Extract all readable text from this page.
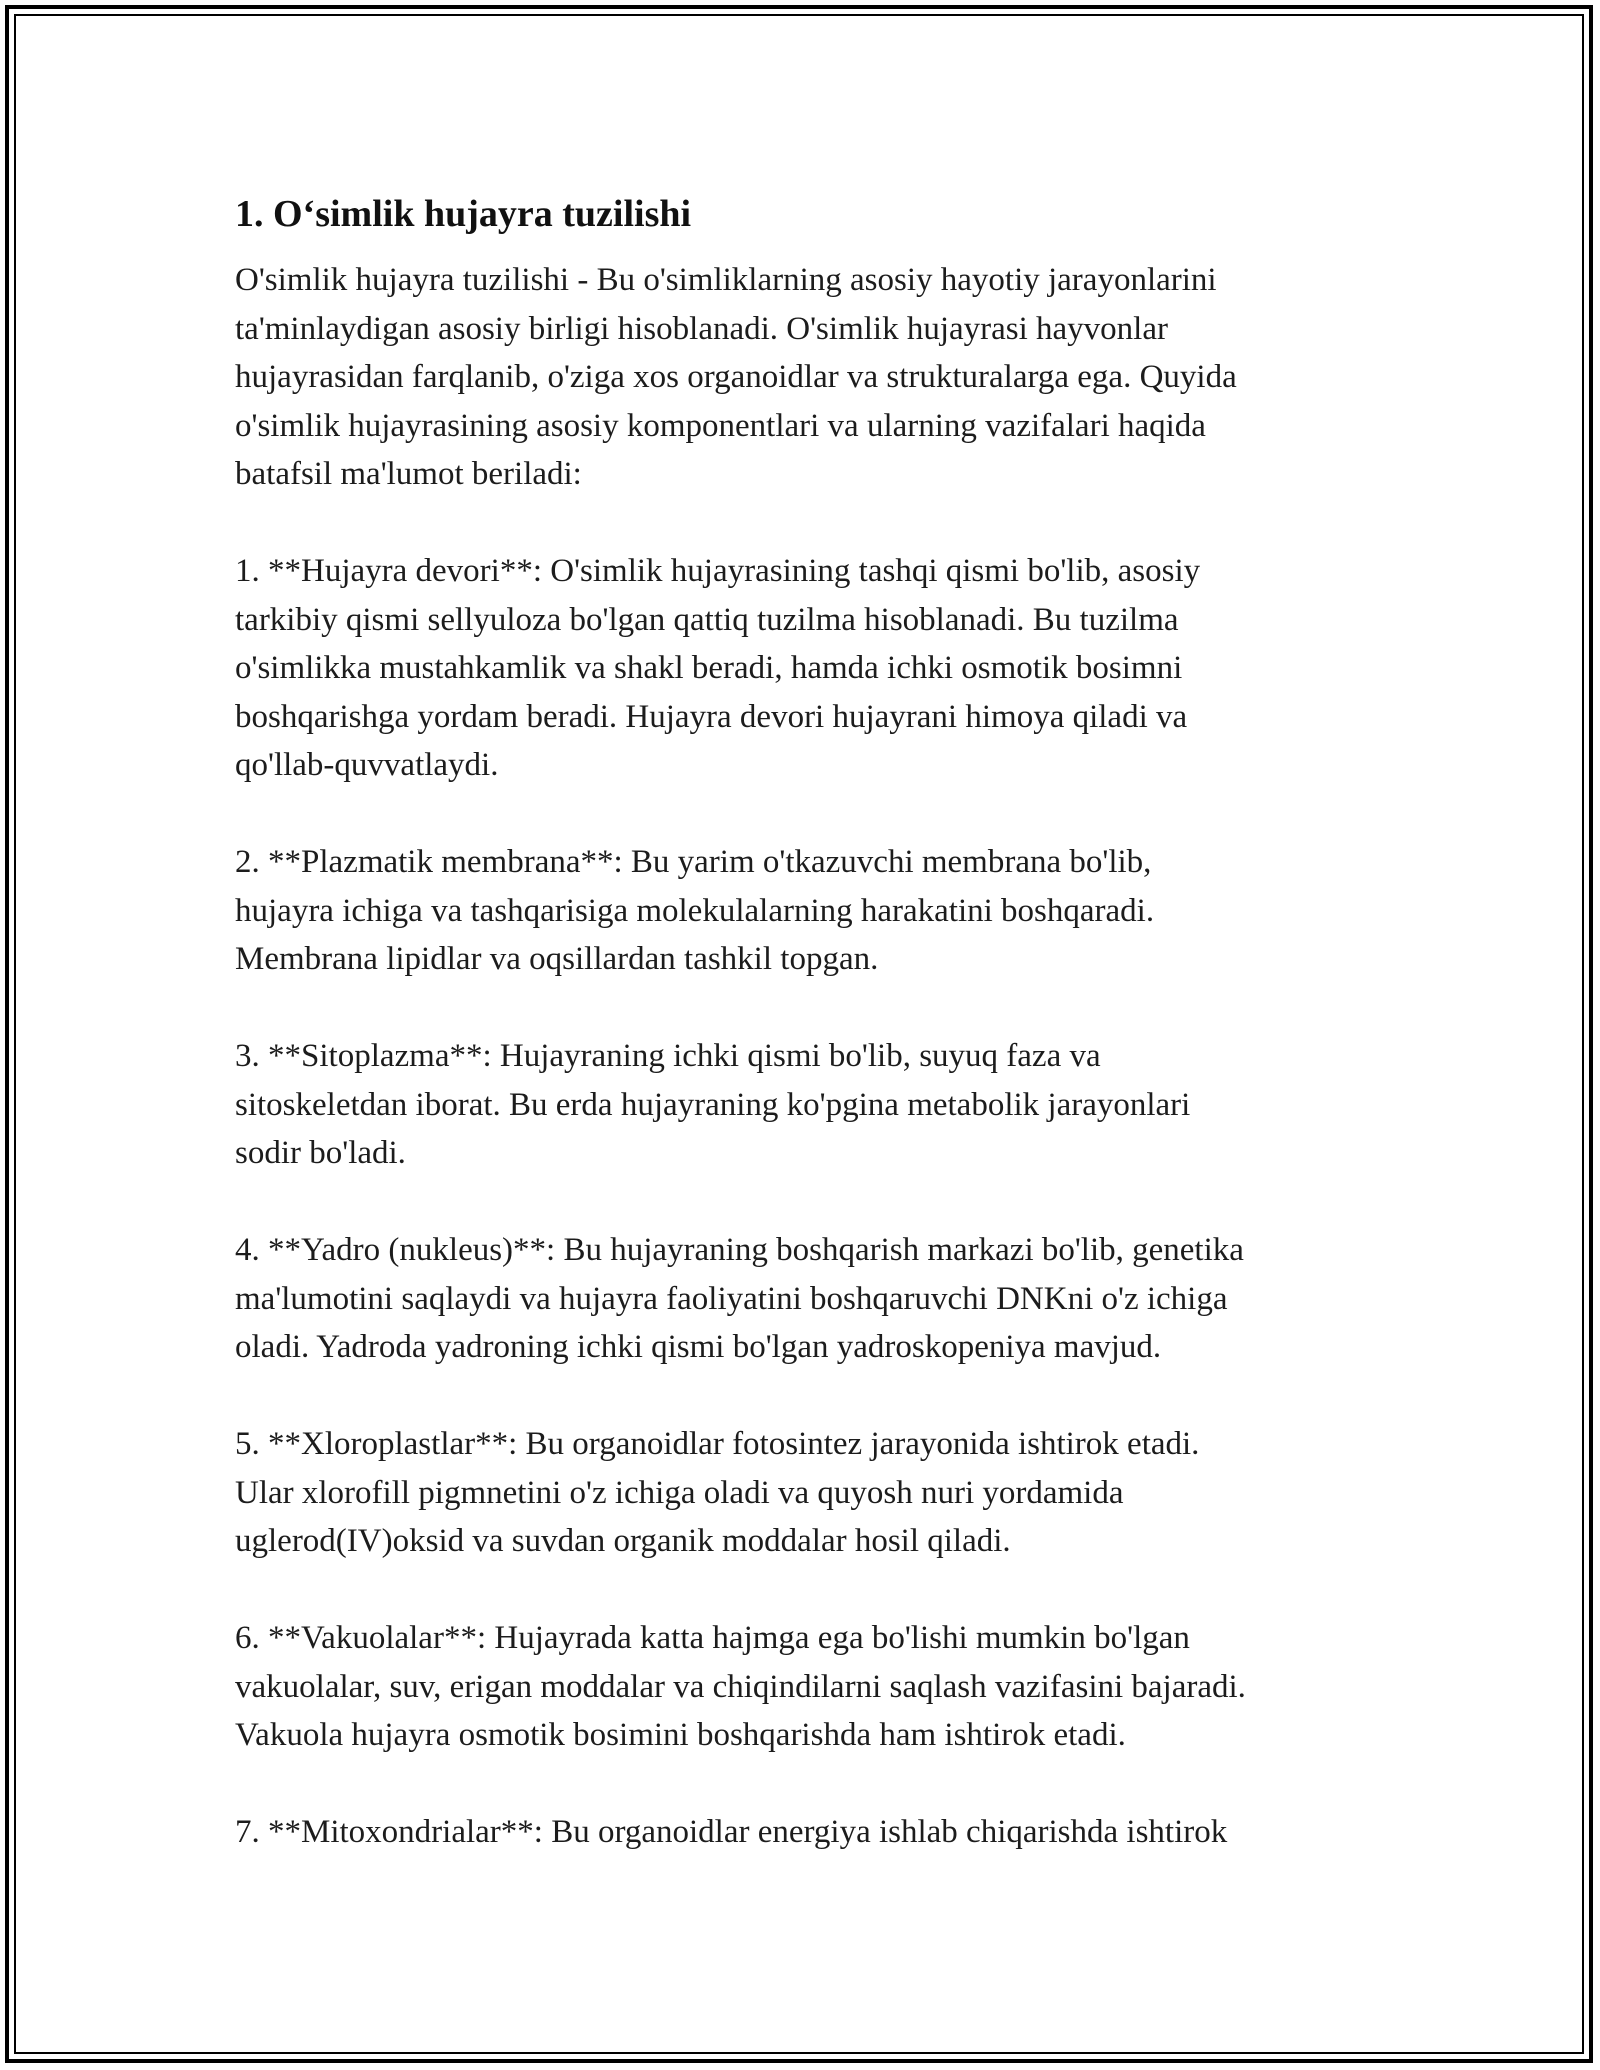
1. O‘simlik hujayra tuzilishi

O'simlik hujayra tuzilishi - Bu o'simliklarning asosiy hayotiy jarayonlarini
ta'minlaydigan asosiy birligi hisoblanadi. O'simlik hujayrasi hayvonlar
hujayrasidan farqlanib, o'ziga xos organoidlar va strukturalarga ega. Quyida
o'simlik hujayrasining asosiy komponentlari va ularning vazifalari haqida
batafsil ma'lumot beriladi:

1. **Hujayra devori**: O'simlik hujayrasining tashqi qismi bo'lib, asosiy
tarkibiy qismi sellyuloza bo'lgan qattiq tuzilma hisoblanadi. Bu tuzilma
o'simlikka mustahkamlik va shakl beradi, hamda ichki osmotik bosimni
boshqarishga yordam beradi. Hujayra devori hujayrani himoya qiladi va
qo'llab-quvvatlaydi.

2. **Plazmatik membrana**: Bu yarim o'tkazuvchi membrana bo'lib,
hujayra ichiga va tashqarisiga molekulalarning harakatini boshqaradi.
Membrana lipidlar va oqsillardan tashkil topgan.

3. **Sitoplazma**: Hujayraning ichki qismi bo'lib, suyuq faza va
sitoskeletdan iborat. Bu erda hujayraning ko'pgina metabolik jarayonlari
sodir bo'ladi.

4. **Yadro (nukleus)**: Bu hujayraning boshqarish markazi bo'lib, genetika
ma'lumotini saqlaydi va hujayra faoliyatini boshqaruvchi DNKni o'z ichiga
oladi. Yadroda yadroning ichki qismi bo'lgan yadroskopeniya mavjud.

5. **Xloroplastlar**: Bu organoidlar fotosintez jarayonida ishtirok etadi.
Ular xlorofill pigmnetini o'z ichiga oladi va quyosh nuri yordamida
uglerod(IV)oksid va suvdan organik moddalar hosil qiladi.

6. **Vakuolalar**: Hujayrada katta hajmga ega bo'lishi mumkin bo'lgan
vakuolalar, suv, erigan moddalar va chiqindilarni saqlash vazifasini bajaradi.
Vakuola hujayra osmotik bosimini boshqarishda ham ishtirok etadi.

7. **Mitoxondrialar**: Bu organoidlar energiya ishlab chiqarishda ishtirok
